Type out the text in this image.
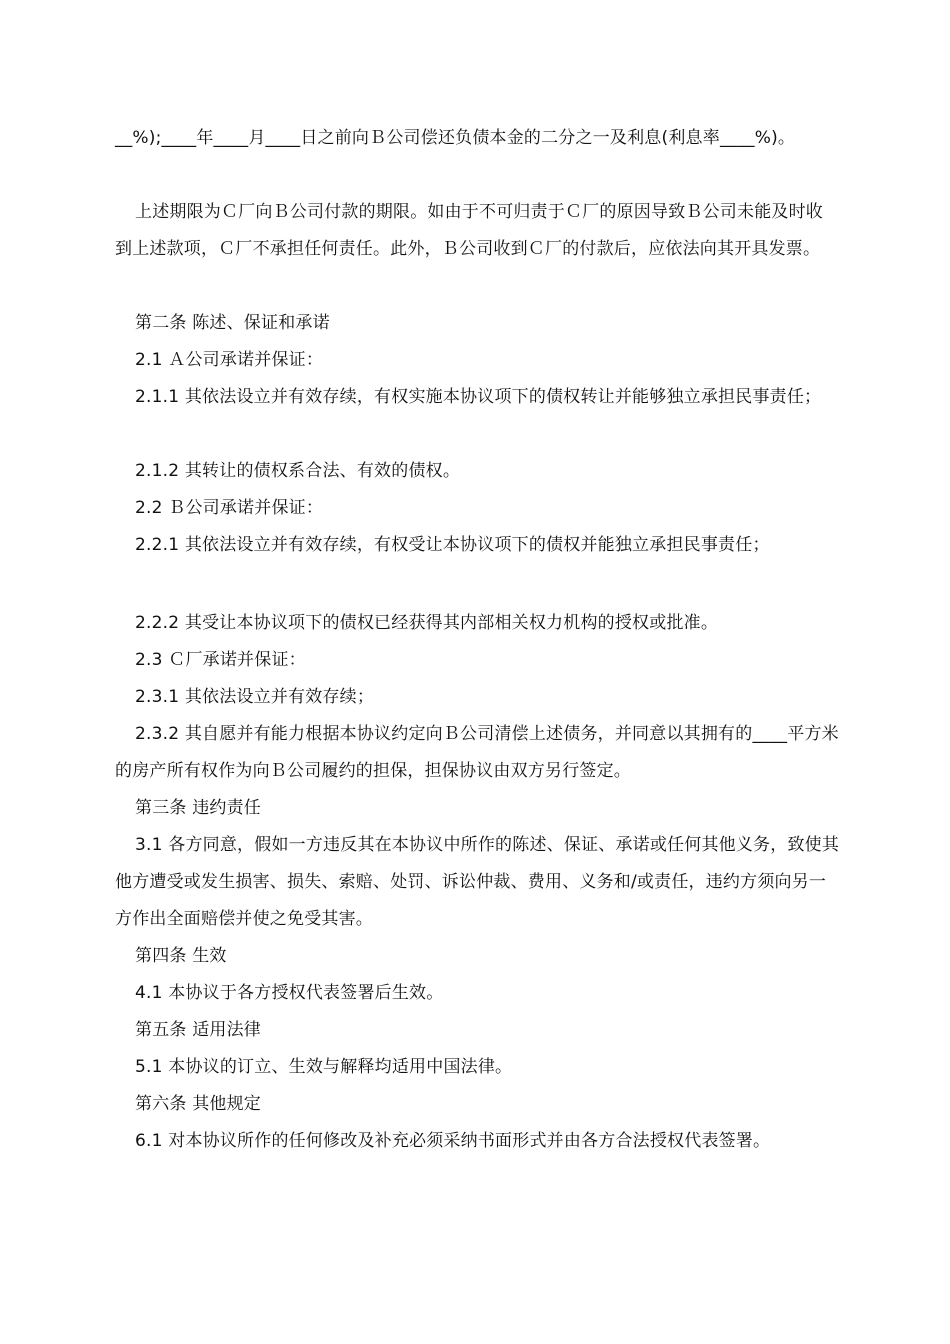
__%);____年____月____日之前向Ｂ公司偿还负债本金的二分之一及利息(利息率____%)。

上述期限为Ｃ厂向Ｂ公司付款的期限。如由于不可归责于Ｃ厂的原因导致Ｂ公司未能及时收到上述款项，Ｃ厂不承担任何责任。此外，Ｂ公司收到Ｃ厂的付款后，应依法向其开具发票。

第二条 陈述、保证和承诺

2.1 Ａ公司承诺并保证：

2.1.1 其依法设立并有效存续，有权实施本协议项下的债权转让并能够独立承担民事责任；

2.1.2 其转让的债权系合法、有效的债权。

2.2 Ｂ公司承诺并保证：

2.2.1 其依法设立并有效存续，有权受让本协议项下的债权并能独立承担民事责任；

2.2.2 其受让本协议项下的债权已经获得其内部相关权力机构的授权或批准。

2.3 Ｃ厂承诺并保证：

2.3.1 其依法设立并有效存续；

2.3.2 其自愿并有能力根据本协议约定向Ｂ公司清偿上述债务，并同意以其拥有的____平方米的房产所有权作为向Ｂ公司履约的担保，担保协议由双方另行签定。

第三条 违约责任

3.1 各方同意，假如一方违反其在本协议中所作的陈述、保证、承诺或任何其他义务，致使其他方遭受或发生损害、损失、索赔、处罚、诉讼仲裁、费用、义务和/或责任，违约方须向另一方作出全面赔偿并使之免受其害。

第四条 生效

4.1 本协议于各方授权代表签署后生效。

第五条 适用法律

5.1 本协议的订立、生效与解释均适用中国法律。

第六条 其他规定

6.1 对本协议所作的任何修改及补充必须采纳书面形式并由各方合法授权代表签署。
